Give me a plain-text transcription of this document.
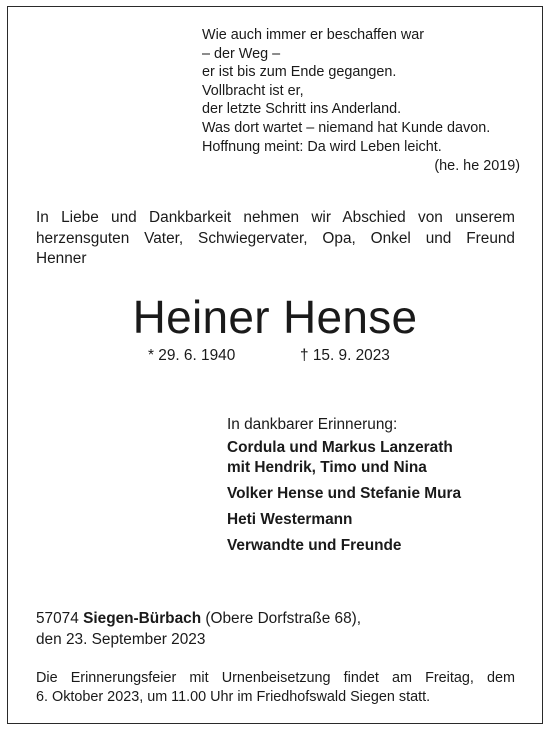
Wie auch immer er beschaffen war
– der Weg –
er ist bis zum Ende gegangen.
Vollbracht ist er,
der letzte Schritt ins Anderland.
Was dort wartet – niemand hat Kunde davon.
Hoffnung meint: Da wird Leben leicht.
(he. he 2019)
In Liebe und Dankbarkeit nehmen wir Abschied von unserem
herzensguten Vater, Schwiegervater, Opa, Onkel und Freund
Henner
Heiner Hense
* 29. 6. 1940	† 15. 9. 2023
In dankbarer Erinnerung:
Cordula und Markus Lanzerath
mit Hendrik, Timo und Nina
Volker Hense und Stefanie Mura
Heti Westermann
Verwandte und Freunde
57074 Siegen-Bürbach (Obere Dorfstraße 68),
den 23. September 2023
Die Erinnerungsfeier mit Urnenbeisetzung findet am Freitag, dem
6. Oktober 2023, um 11.00 Uhr im Friedhofswald Siegen statt.
